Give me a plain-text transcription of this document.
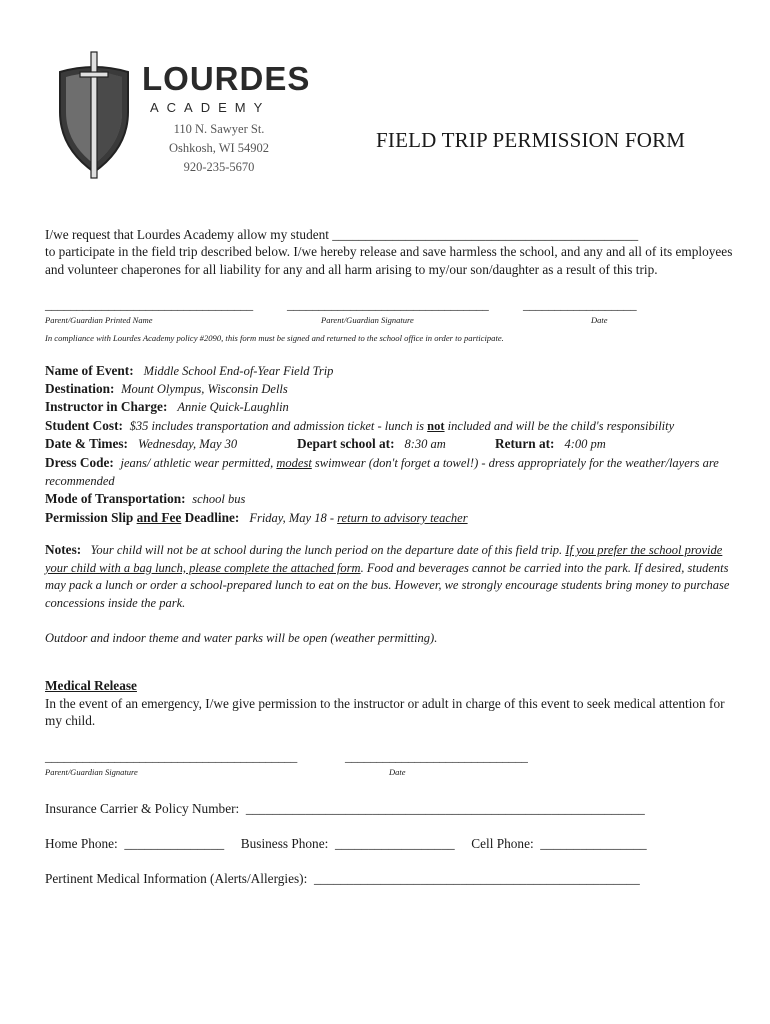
LOURDES
ACADEMY
110 N. Sawyer St.
Oshkosh, WI 54902
920-235-5670
FIELD TRIP PERMISSION FORM

I/we request that Lourdes Academy allow my student ______________________________________________
to participate in the field trip described below. I/we hereby release and save harmless the school, and any and all of its employees and volunteer chaperones for all liability for any and all harm arising to my/our son/daughter as a result of this trip.

_________________________________	________________________________	__________________
Parent/Guardian Printed Name	Parent/Guardian Signature	Date
In compliance with Lourdes Academy policy #2090, this form must be signed and returned to the school office in order to participate.
Name of Event: Middle School End-of-Year Field Trip
Destination: Mount Olympus, Wisconsin Dells
Instructor in Charge: Annie Quick-Laughlin
Student Cost: $35 includes transportation and admission ticket - lunch is not included and will be the child's responsibility
Date & Times: Wednesday, May 30	Depart school at: 8:30 am	Return at: 4:00 pm
Dress Code: jeans/ athletic wear permitted, modest swimwear (don't forget a towel!) - dress appropriately for the weather/layers are recommended
Mode of Transportation: school bus
Permission Slip and Fee Deadline: Friday, May 18 - return to advisory teacher

Notes: Your child will not be at school during the lunch period on the departure date of this field trip. If you prefer the school provide your child with a bag lunch, please complete the attached form. Food and beverages cannot be carried into the park. If desired, students may pack a lunch or order a school-prepared lunch to eat on the bus. However, we strongly encourage students bring money to purchase concessions inside the park.

Outdoor and indoor theme and water parks will be open (weather permitting).
Medical Release
In the event of an emergency, I/we give permission to the instructor or adult in charge of this event to seek medical attention for my child.
________________________________________	_____________________________
Parent/Guardian Signature	Date
Insurance Carrier & Policy Number:  ____________________________________________________________
Home Phone:  _______________     Business Phone:  __________________     Cell Phone:  ________________
Pertinent Medical Information (Alerts/Allergies):  _________________________________________________
